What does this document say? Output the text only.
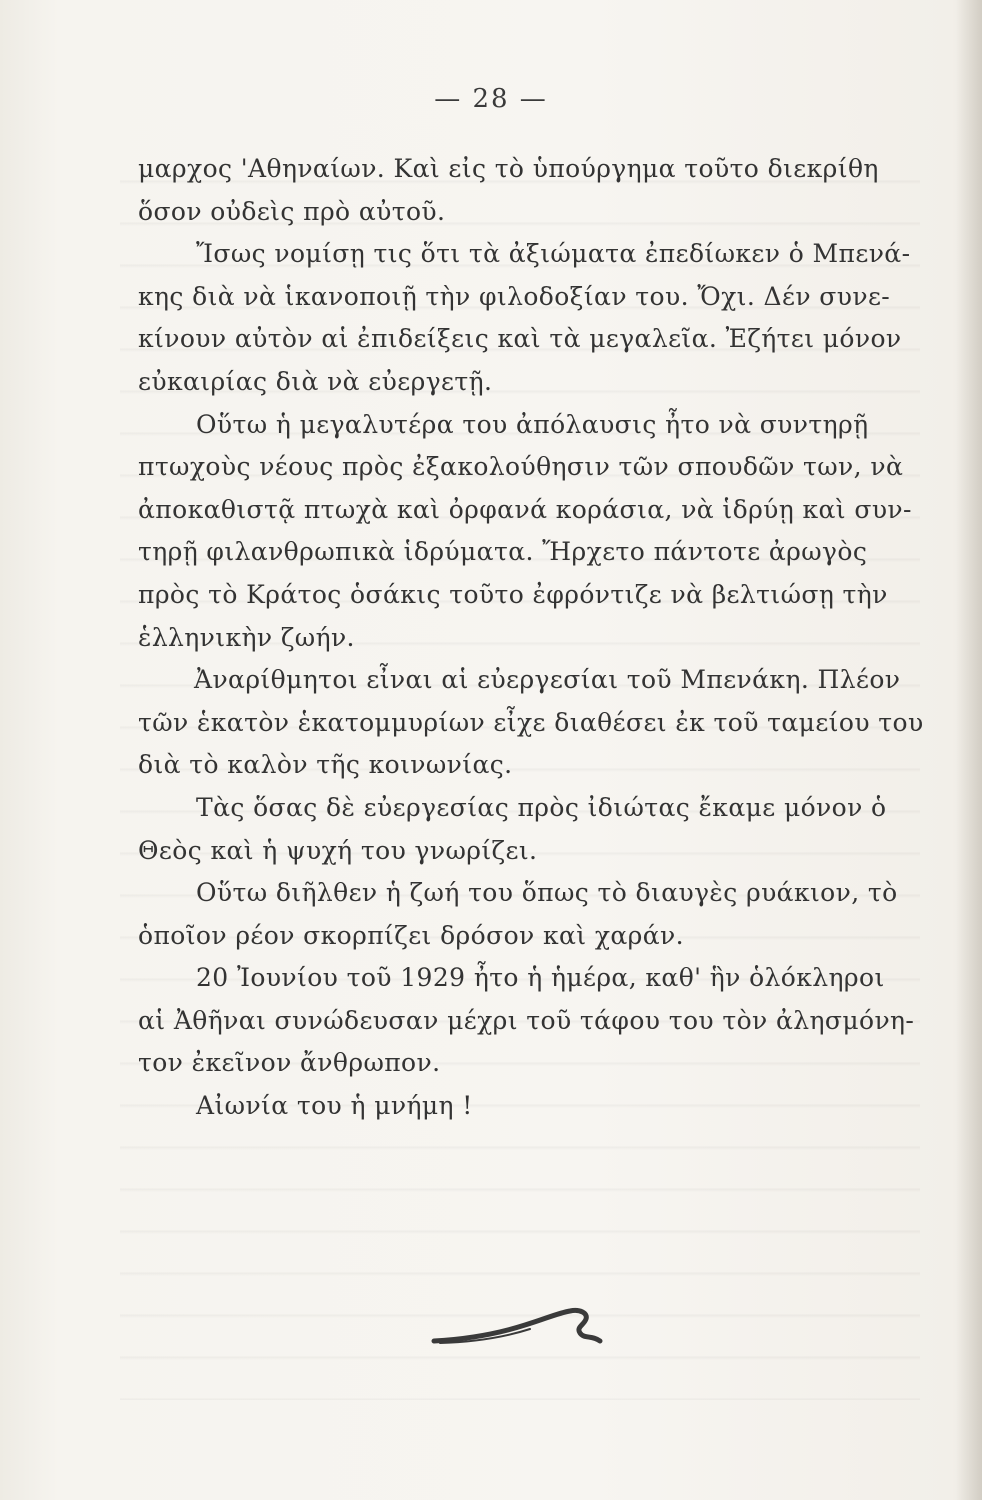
— 28 —
μαρχος 'Αθηναίων. Καὶ εἰς τὸ ὑπούργημα τοῦτο διεκρίθη
ὅσον οὐδεὶς πρὸ αὐτοῦ.
Ἴσως νομίσῃ τις ὅτι τὰ ἀξιώματα ἐπεδίωκεν ὁ Μπενά-
κης διὰ νὰ ἱκανοποιῇ τὴν φιλοδοξίαν του. Ὄχι. Δέν συνε-
κίνουν αὐτὸν αἱ ἐπιδείξεις καὶ τὰ μεγαλεῖα. Ἐζήτει μόνον
εὐκαιρίας διὰ νὰ εὐεργετῇ.
Οὕτω ἡ μεγαλυτέρα του ἀπόλαυσις ἦτο νὰ συντηρῇ
πτωχοὺς νέους πρὸς ἐξακολούθησιν τῶν σπουδῶν των, νὰ
ἀποκαθιστᾷ πτωχὰ καὶ ὀρφανά κοράσια, νὰ ἱδρύῃ καὶ συν-
τηρῇ φιλανθρωπικὰ ἱδρύματα. Ἤρχετο πάντοτε ἀρωγὸς
πρὸς τὸ Κράτος ὁσάκις τοῦτο ἐφρόντιζε νὰ βελτιώσῃ τὴν
ἑλληνικὴν ζωήν.
Ἀναρίθμητοι εἶναι αἱ εὐεργεσίαι τοῦ Μπενάκη. Πλέον
τῶν ἑκατὸν ἑκατομμυρίων εἶχε διαθέσει ἐκ τοῦ ταμείου του
διὰ τὸ καλὸν τῆς κοινωνίας.
Τὰς ὅσας δὲ εὐεργεσίας πρὸς ἰδιώτας ἔκαμε μόνον ὁ
Θεὸς καὶ ἡ ψυχή του γνωρίζει.
Οὕτω διῆλθεν ἡ ζωή του ὅπως τὸ διαυγὲς ρυάκιον, τὸ
ὁποῖον ρέον σκορπίζει δρόσον καὶ χαράν.
20 Ἰουνίου τοῦ 1929 ἦτο ἡ ἡμέρα, καθ' ἣν ὁλόκληροι
αἱ Ἀθῆναι συνώδευσαν μέχρι τοῦ τάφου του τὸν ἀλησμόνη-
τον ἐκεῖνον ἄνθρωπον.
Αἰωνία του ἡ μνήμη !
